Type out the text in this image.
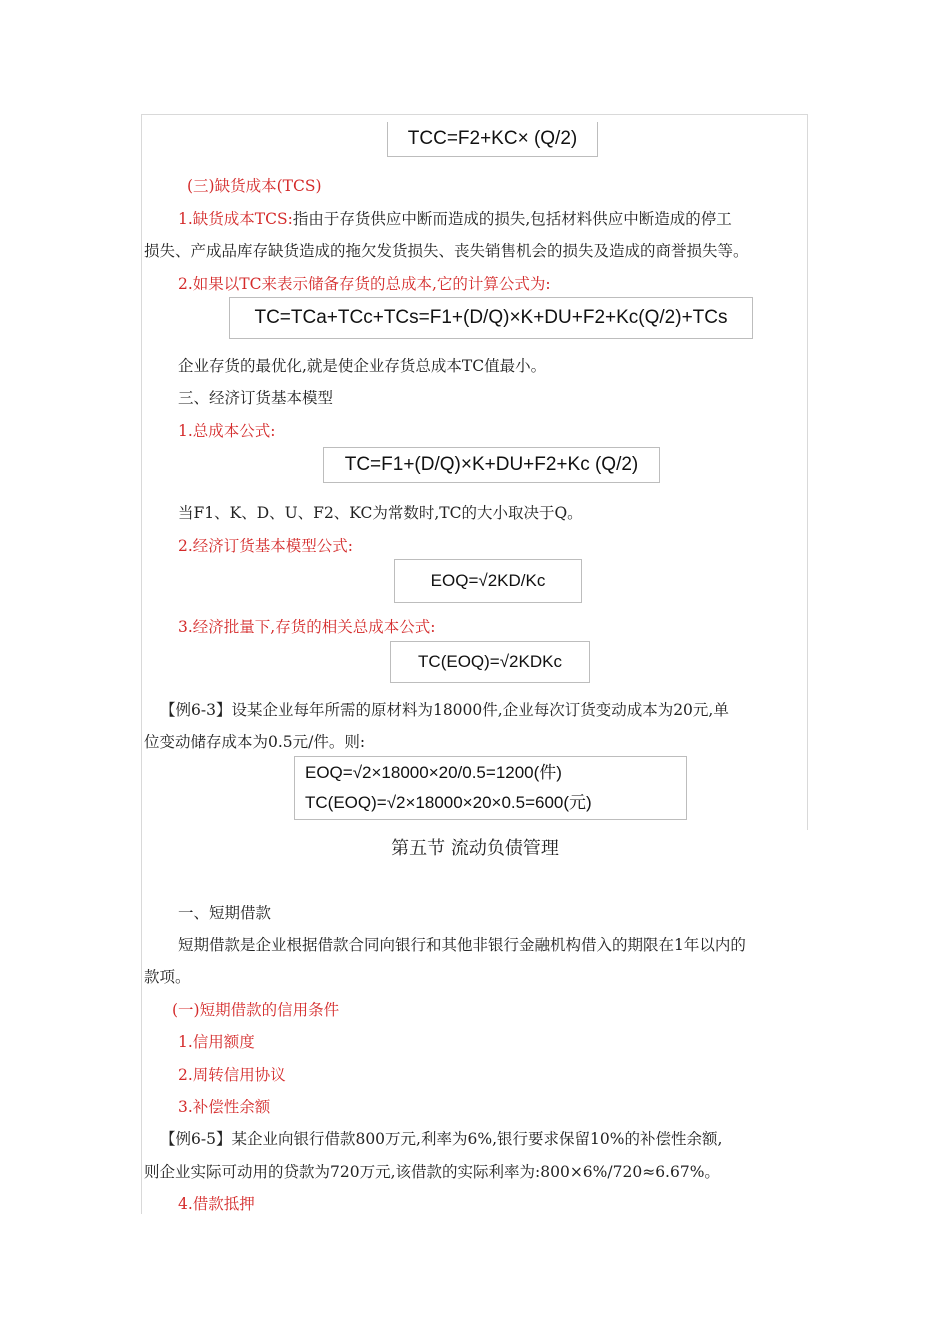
TCC=F2+KC× (Q/2)
(三)缺货成本(TCS)
1.缺货成本TCS:指由于存货供应中断而造成的损失,包括材料供应中断造成的停工
损失、产成品库存缺货造成的拖欠发货损失、丧失销售机会的损失及造成的商誉损失等。
2.如果以TC来表示储备存货的总成本,它的计算公式为:
TC=TCa+TCc+TCs=F1+(D/Q)×K+DU+F2+Kc(Q/2)+TCs
企业存货的最优化,就是使企业存货总成本TC值最小。
三、经济订货基本模型
1.总成本公式:
TC=F1+(D/Q)×K+DU+F2+Kc (Q/2)
当F1、K、D、U、F2、KC为常数时,TC的大小取决于Q。
2.经济订货基本模型公式:
EOQ=√2KD/Kc
3.经济批量下,存货的相关总成本公式:
TC(EOQ)=√2KDKc
【例6-3】设某企业每年所需的原材料为18000件,企业每次订货变动成本为20元,单
位变动储存成本为0.5元/件。则:
EOQ=√2×18000×20/0.5=1200(件)
TC(EOQ)=√2×18000×20×0.5=600(元)
第五节 流动负债管理
一、短期借款
短期借款是企业根据借款合同向银行和其他非银行金融机构借入的期限在1年以内的
款项。
(一)短期借款的信用条件
1.信用额度
2.周转信用协议
3.补偿性余额
【例6-5】某企业向银行借款800万元,利率为6%,银行要求保留10%的补偿性余额,
则企业实际可动用的贷款为720万元,该借款的实际利率为:800×6%/720≈6.67%。
4.借款抵押
